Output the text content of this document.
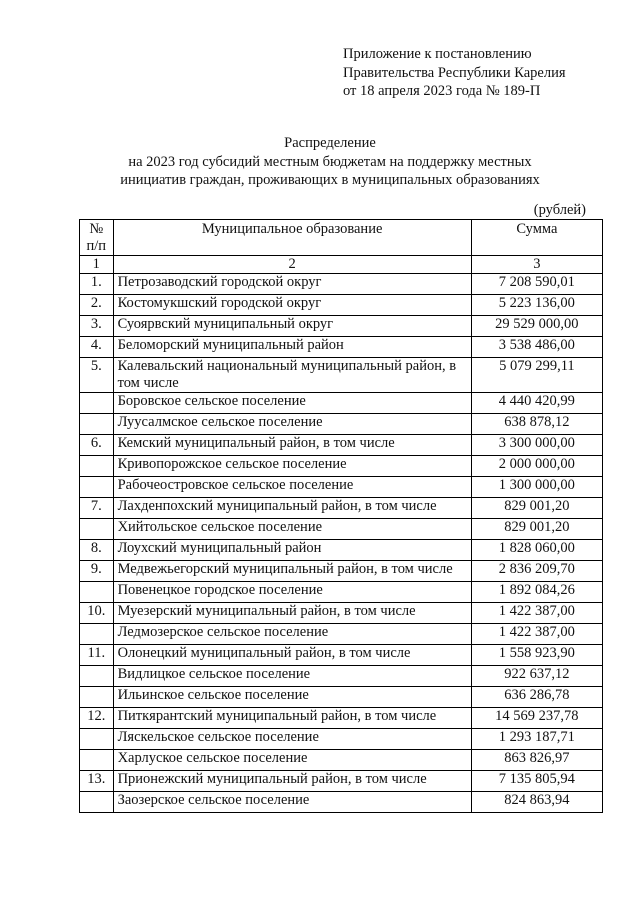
Приложение к постановлению
Правительства Республики Карелия
от 18 апреля 2023 года № 189-П
Распределение
на 2023 год субсидий местным бюджетам на поддержку местных
инициатив граждан, проживающих в муниципальных образованиях
(рублей)
№ п/п	Муниципальное образование	Сумма
1	2	3
1.	Петрозаводский городской округ	7 208 590,01
2.	Костомукшский городской округ	5 223 136,00
3.	Суоярвский муниципальный округ	29 529 000,00
4.	Беломорский муниципальный район	3 538 486,00
5.	Калевальский национальный муниципальный район, в том числе	5 079 299,11
	Боровское сельское поселение	4 440 420,99
	Луусалмское сельское поселение	638 878,12
6.	Кемский муниципальный район, в том числе	3 300 000,00
	Кривопорожское сельское поселение	2 000 000,00
	Рабочеостровское сельское поселение	1 300 000,00
7.	Лахденпохский муниципальный район, в том числе	829 001,20
	Хийтольское сельское поселение	829 001,20
8.	Лоухский муниципальный район	1 828 060,00
9.	Медвежьегорский муниципальный район, в том числе	2 836 209,70
	Повенецкое городское поселение	1 892 084,26
10.	Муезерский муниципальный район, в том числе	1 422 387,00
	Ледмозерское сельское поселение	1 422 387,00
11.	Олонецкий муниципальный район, в том числе	1 558 923,90
	Видлицкое сельское поселение	922 637,12
	Ильинское сельское поселение	636 286,78
12.	Питкярантский муниципальный район, в том числе	14 569 237,78
	Ляскельское сельское поселение	1 293 187,71
	Харлуское сельское поселение	863 826,97
13.	Прионежский муниципальный район, в том числе	7 135 805,94
	Заозерское сельское поселение	824 863,94
